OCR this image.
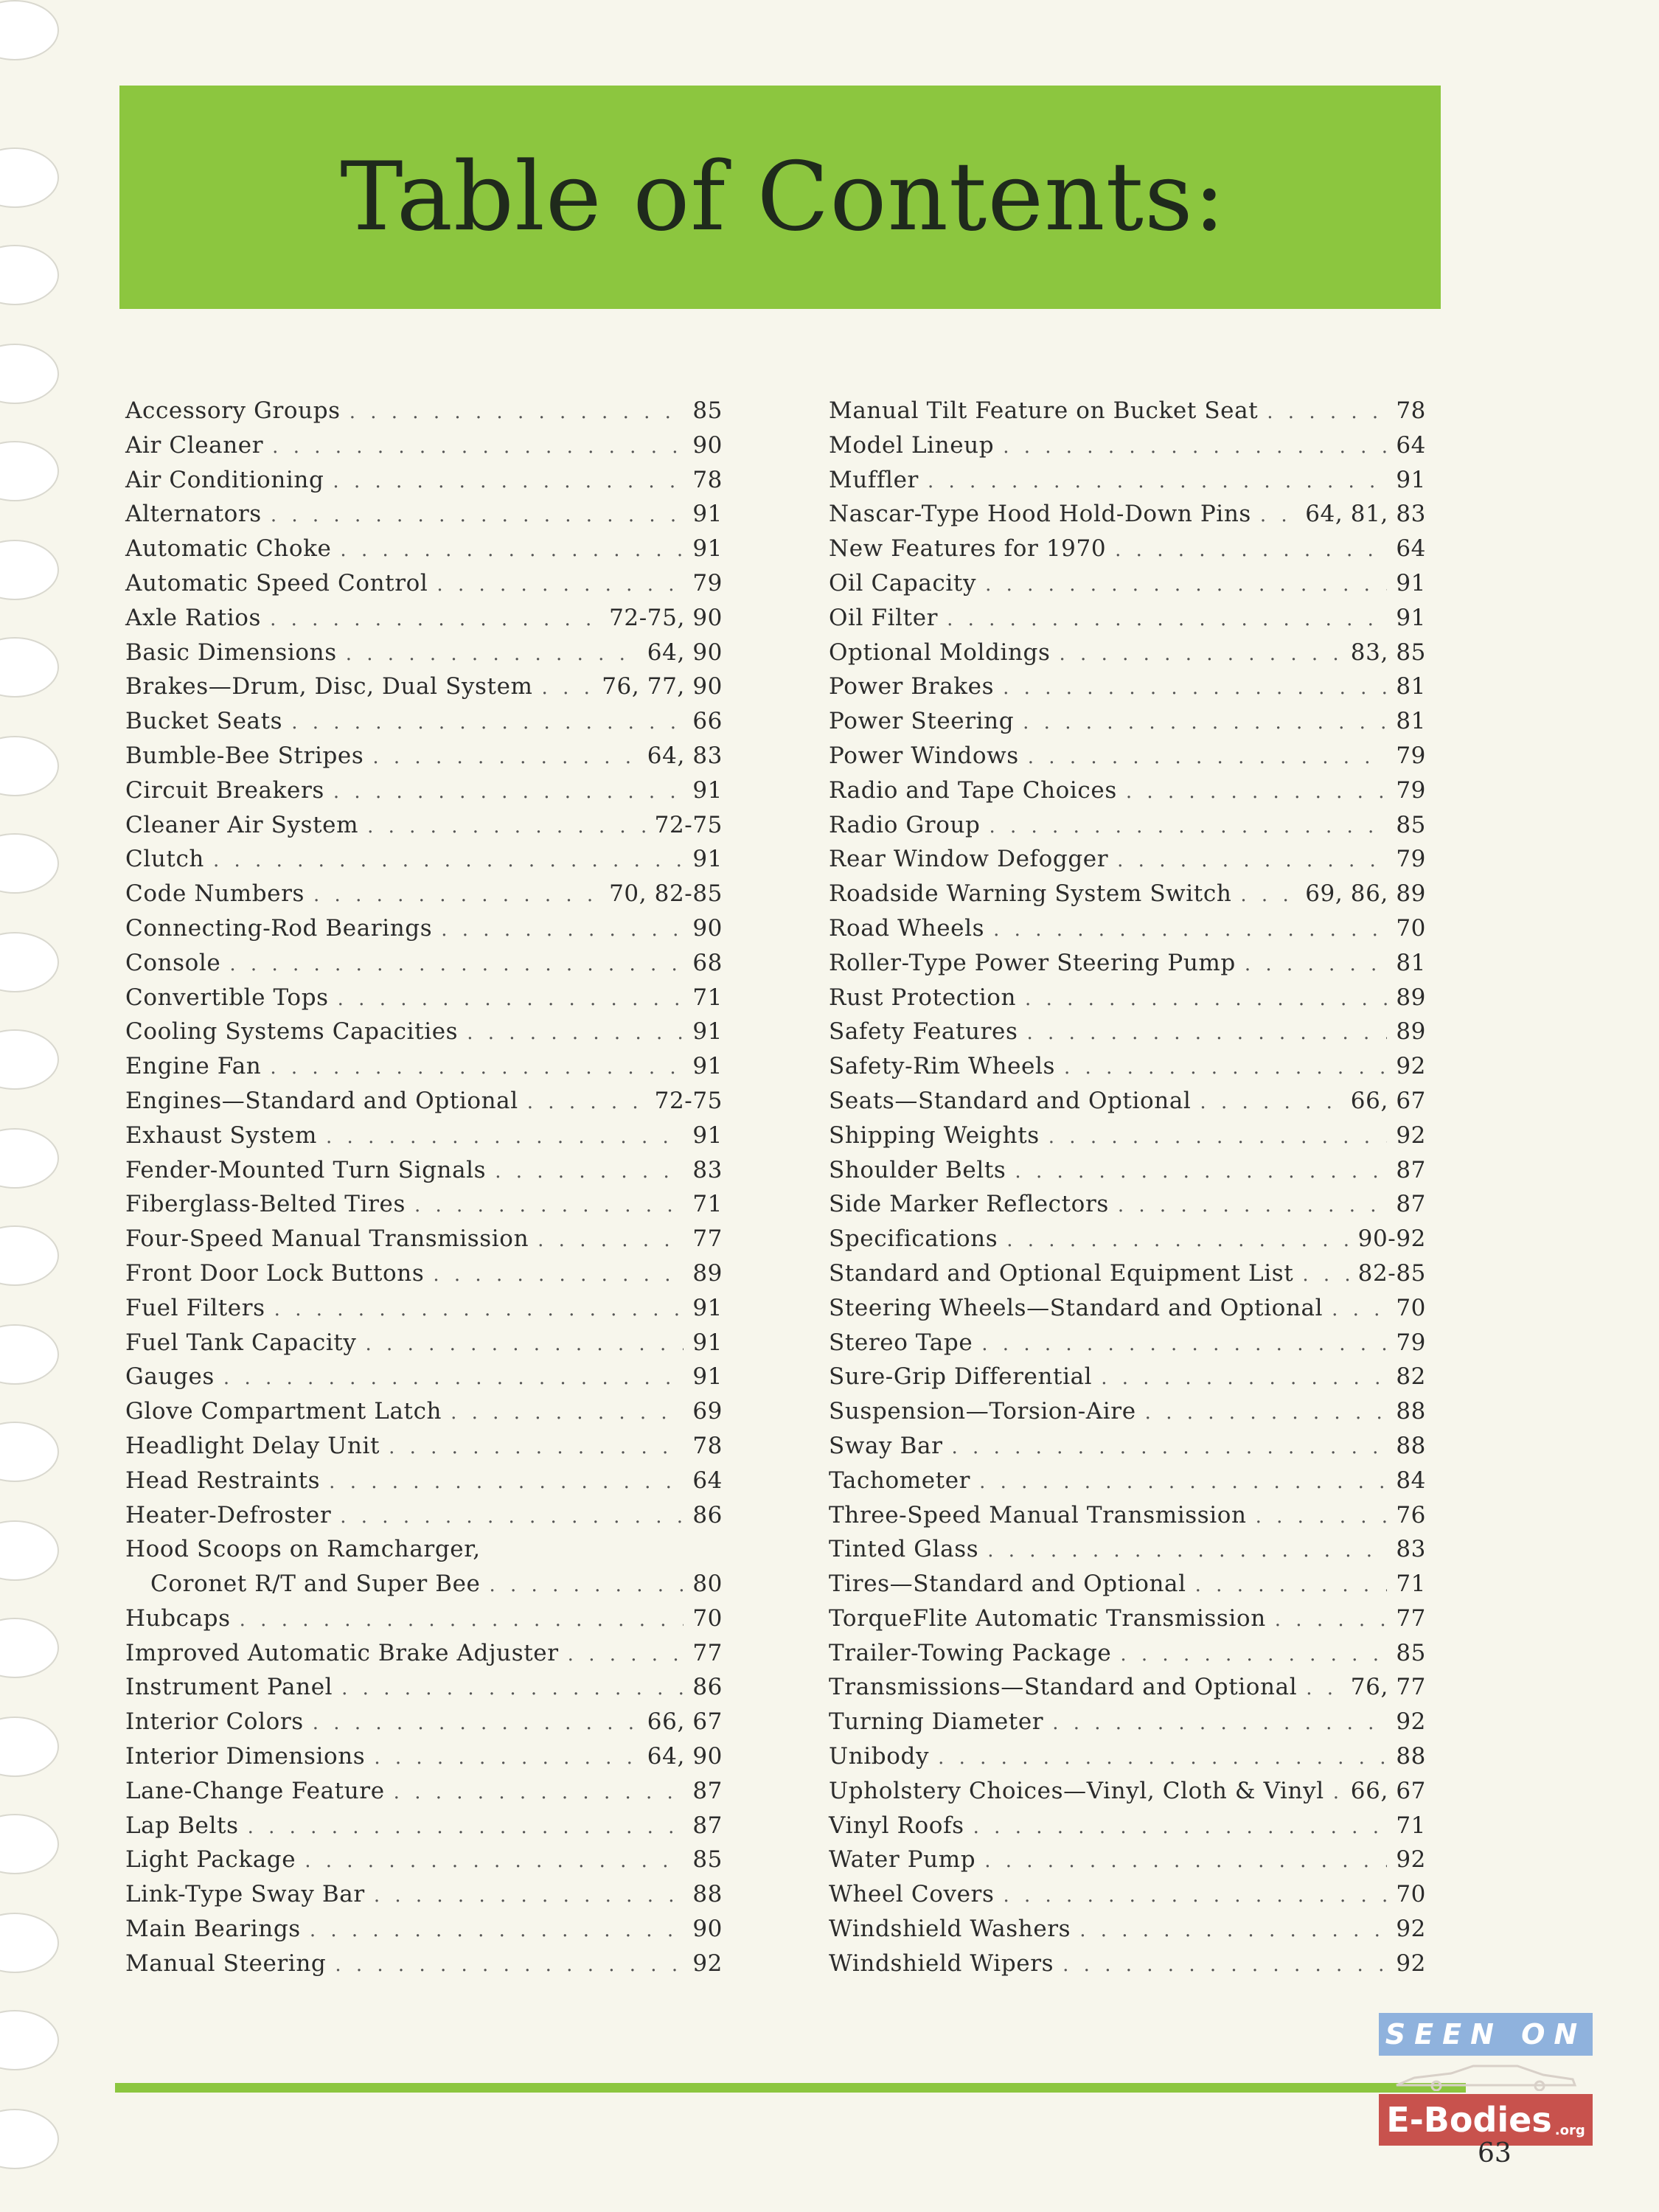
Table of Contents:
Accessory Groups . . .	85
Air Cleaner . . .	90
Air Conditioning . . .	78
Alternators . . .	91
Automatic Choke . . .	91
Automatic Speed Control . . .	79
Axle Ratios . . .	72-75, 90
Basic Dimensions . . .	64, 90
Brakes—Drum, Disc, Dual System . . .	76, 77, 90
Bucket Seats . . .	66
Bumble-Bee Stripes . . .	64, 83
Circuit Breakers . . .	91
Cleaner Air System . . .	72-75
Clutch . . .	91
Code Numbers . . .	70, 82-85
Connecting-Rod Bearings . . .	90
Console . . .	68
Convertible Tops . . .	71
Cooling Systems Capacities . . .	91
Engine Fan . . .	91
Engines—Standard and Optional . . .	72-75
Exhaust System . . .	91
Fender-Mounted Turn Signals . . .	83
Fiberglass-Belted Tires . . .	71
Four-Speed Manual Transmission . . .	77
Front Door Lock Buttons . . .	89
Fuel Filters . . .	91
Fuel Tank Capacity . . .	91
Gauges . . .	91
Glove Compartment Latch . . .	69
Headlight Delay Unit . . .	78
Head Restraints . . .	64
Heater-Defroster . . .	86
Hood Scoops on Ramcharger,
Coronet R/T and Super Bee . . .	80
Hubcaps . . .	70
Improved Automatic Brake Adjuster . . .	77
Instrument Panel . . .	86
Interior Colors . . .	66, 67
Interior Dimensions . . .	64, 90
Lane-Change Feature . . .	87
Lap Belts . . .	87
Light Package . . .	85
Link-Type Sway Bar . . .	88
Main Bearings . . .	90
Manual Steering . . .	92
Manual Tilt Feature on Bucket Seat . . .	78
Model Lineup . . .	64
Muffler . . .	91
Nascar-Type Hood Hold-Down Pins . . . 64, 81, 83
New Features for 1970 . . .	64
Oil Capacity . . .	91
Oil Filter . . .	91
Optional Moldings . . .	83, 85
Power Brakes . . .	81
Power Steering . . .	81
Power Windows . . .	79
Radio and Tape Choices . . .	79
Radio Group . . .	85
Rear Window Defogger . . .	79
Roadside Warning System Switch . . .	69, 86, 89
Road Wheels . . .	70
Roller-Type Power Steering Pump . . .	81
Rust Protection . . .	89
Safety Features . . .	89
Safety-Rim Wheels . . .	92
Seats—Standard and Optional . . .	66, 67
Shipping Weights . . .	92
Shoulder Belts . . .	87
Side Marker Reflectors . . .	87
Specifications . . .	90-92
Standard and Optional Equipment List . . .	82-85
Steering Wheels—Standard and Optional . . .	70
Stereo Tape . . .	79
Sure-Grip Differential . . .	82
Suspension—Torsion-Aire . . .	88
Sway Bar . . .	88
Tachometer . . .	84
Three-Speed Manual Transmission . . .	76
Tinted Glass . . .	83
Tires—Standard and Optional . . .	71
TorqueFlite Automatic Transmission . . .	77
Trailer-Towing Package . . .	85
Transmissions—Standard and Optional . . . 76, 77
Turning Diameter . . .	92
Unibody . . .	88
Upholstery Choices—Vinyl, Cloth & Vinyl . . . 66, 67
Vinyl Roofs . . .	71
Water Pump . . .	92
Wheel Covers . . .	70
Windshield Washers . . .	92
Windshield Wipers . . .	92
SEEN ON
E-Bodies .org
63
